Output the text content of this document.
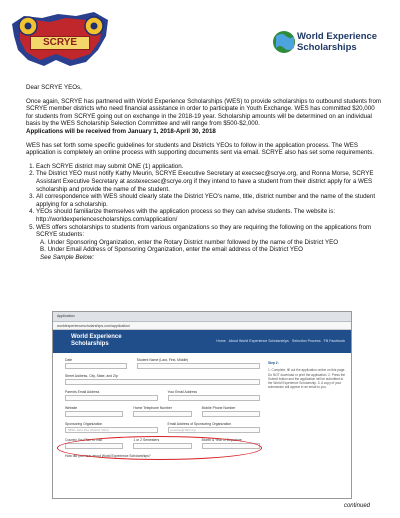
SCRYE
World Experience Scholarships
Dear SCRYE YEOs,
Once again, SCRYE has partnered with World Experience Scholarships (WES) to provide scholarships to outbound students from SCRYE member districts who need financial assistance in order to participate in Youth Exchange. WES has committed $20,000 for students from SCRYE going out on exchange in the 2018-19 year. Scholarship amounts will be determined on an individual basis by the WES Scholarship Selection Committee and will range from $500-$2,000.
Applications will be received from January 1, 2018-April 30, 2018
WES has set forth some specific guidelines for students and Districts YEOs to follow in the application process. The WES application is completely an online process with supporting documents sent via email. SCRYE also has set some requirements.
1. Each SCRYE district may submit ONE (1) application.
2. The District YEO must notify Kathy Meurin, SCRYE Executive Secretary at execsec@scrye.org, and Ronna Morse, SCRYE Assistant Executive Secretary at asstexecsec@scrye.org if they intend to have a student from their district apply for a WES scholarship and provide the name of the student.
3. All correspondence with WES should clearly state the District YEO's name, title, district number and the name of the student applying for a scholarship.
4. YEOs should familiarize themselves with the application process so they can advise students. The website is: http://worldexperiencescholarships.com/application/
5. WES offers scholarships to students from various organizations so they are requiring the following on the applications from SCRYE students:
A. Under Sponsoring Organization, enter the Rotary District number followed by the name of the District YEO
B. Under Email Address of Sponsoring Organization, enter the email address of the District YEO
See Sample Below:
Application
worldexperiencescholarships.com/application/
World Experience Scholarships	Home About World Experience Scholarships Selection Process FB Facebook
Date	Student Name (Last, First, Middle)
Street Address, City, State, and Zip
Parents Email Address	Your Email Address
Website	Home Telephone Number	Mobile Phone Number
Sponsoring Organization
5890- Jane Doe (District YEO)
Email Address of Sponsoring Organization
janedoe@YEO.org
Country You Plan to Visit	1 or 2 Semesters	Month & Year of Departure
How did you hear about World Experience Scholarships?
Step 2:
1. Complete, fill out the application online on this page. Do NOT download or print the application. 2. Press the Submit button and the application will be submitted to the World Experience Scholarship. 3. A copy of your submission will appear in an email to you.
continued
